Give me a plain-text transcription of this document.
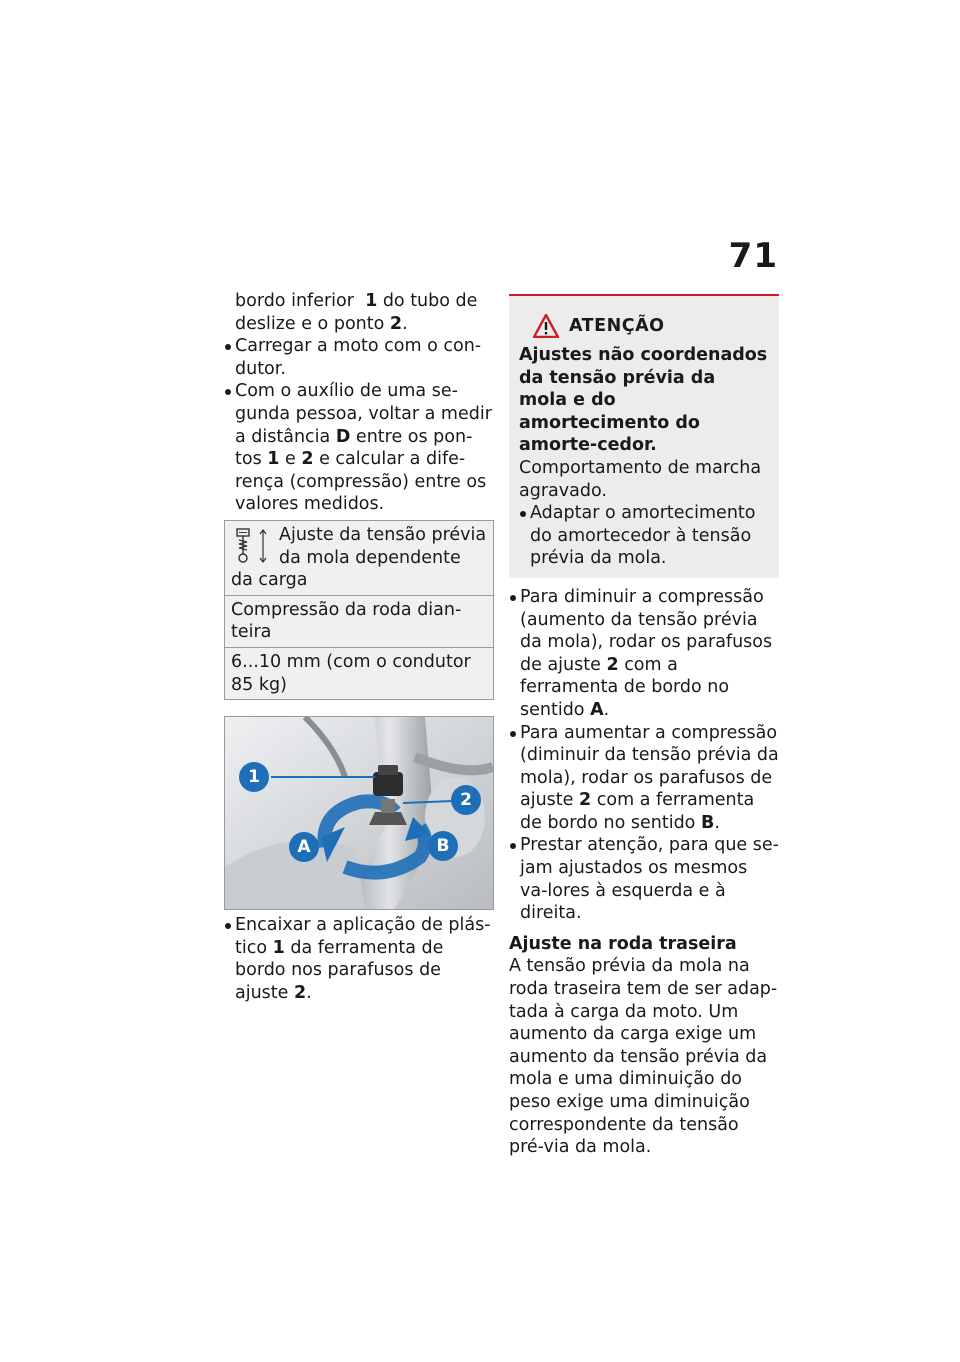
71

bordo inferior 1 do tubo de deslize e o ponto 2.

Carregar a moto com o con-dutor.

Com o auxílio de uma se-gunda pessoa, voltar a medir a distância D entre os pon-tos 1 e 2 e calcular a dife-rença (compressão) entre os valores medidos.

Ajuste da tensão prévia da mola dependente da carga
Compressão da roda dian-teira
6...10 mm (com o condutor 85 kg)
1
2
A	B

Encaixar a aplicação de plás-tico 1 da ferramenta de bordo nos parafusos de ajuste 2.

ATENÇÃO

Ajustes não coordenados da tensão prévia da mola e do amortecimento do amorte-cedor.

Comportamento de marcha agravado.

Adaptar o amortecimento do amortecedor à tensão prévia da mola.

Para diminuir a compressão (aumento da tensão prévia da mola), rodar os parafusos de ajuste 2 com a ferramenta de bordo no sentido A.

Para aumentar a compressão (diminuir da tensão prévia da mola), rodar os parafusos de ajuste 2 com a ferramenta de bordo no sentido B.

Prestar atenção, para que se-jam ajustados os mesmos va-lores à esquerda e à direita.

Ajuste na roda traseira

A tensão prévia da mola na roda traseira tem de ser adap-tada à carga da moto. Um aumento da carga exige um aumento da tensão prévia da mola e uma diminuição do peso exige uma diminuição correspondente da tensão pré-via da mola.
